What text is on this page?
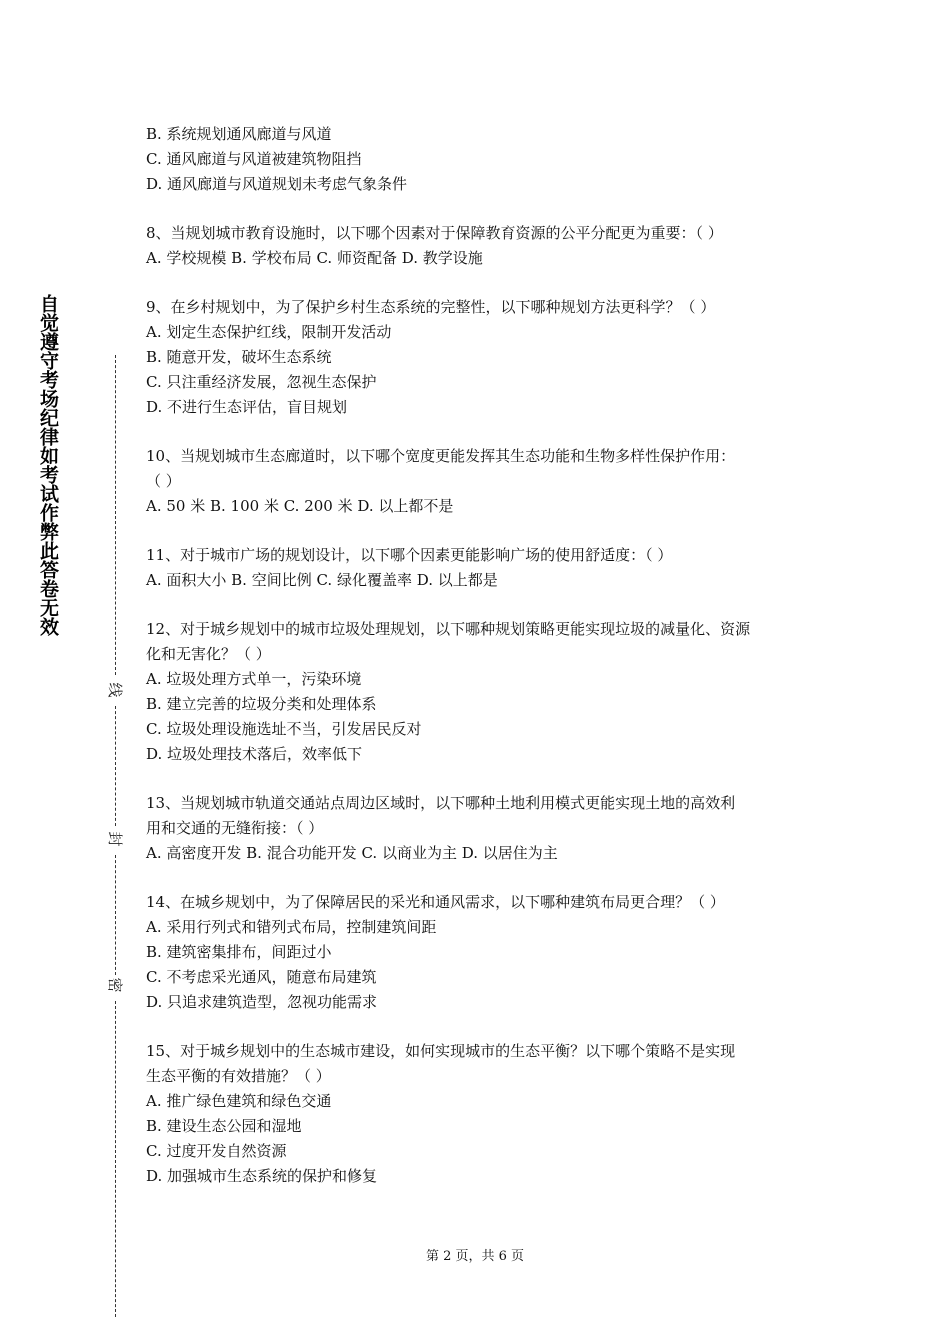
自觉遵守考场纪律如考试作弊此答卷无效
线
封
密
B. 系统规划通风廊道与风道
C. 通风廊道与风道被建筑物阻挡
D. 通风廊道与风道规划未考虑气象条件
8、当规划城市教育设施时，以下哪个因素对于保障教育资源的公平分配更为重要：（ ）
A. 学校规模 B. 学校布局 C. 师资配备 D. 教学设施
9、在乡村规划中，为了保护乡村生态系统的完整性，以下哪种规划方法更科学？（ ）
A. 划定生态保护红线，限制开发活动
B. 随意开发，破坏生态系统
C. 只注重经济发展，忽视生态保护
D. 不进行生态评估，盲目规划
10、当规划城市生态廊道时，以下哪个宽度更能发挥其生态功能和生物多样性保护作用：
（ ）
A. 50 米 B. 100 米 C. 200 米 D. 以上都不是
11、对于城市广场的规划设计，以下哪个因素更能影响广场的使用舒适度：（ ）
A. 面积大小 B. 空间比例 C. 绿化覆盖率 D. 以上都是
12、对于城乡规划中的城市垃圾处理规划，以下哪种规划策略更能实现垃圾的减量化、资源
化和无害化？（ ）
A. 垃圾处理方式单一，污染环境
B. 建立完善的垃圾分类和处理体系
C. 垃圾处理设施选址不当，引发居民反对
D. 垃圾处理技术落后，效率低下
13、当规划城市轨道交通站点周边区域时，以下哪种土地利用模式更能实现土地的高效利
用和交通的无缝衔接：（ ）
A. 高密度开发 B. 混合功能开发 C. 以商业为主 D. 以居住为主
14、在城乡规划中，为了保障居民的采光和通风需求，以下哪种建筑布局更合理？（ ）
A. 采用行列式和错列式布局，控制建筑间距
B. 建筑密集排布，间距过小
C. 不考虑采光通风，随意布局建筑
D. 只追求建筑造型，忽视功能需求
15、对于城乡规划中的生态城市建设，如何实现城市的生态平衡？以下哪个策略不是实现
生态平衡的有效措施？（ ）
A. 推广绿色建筑和绿色交通
B. 建设生态公园和湿地
C. 过度开发自然资源
D. 加强城市生态系统的保护和修复
第 2 页，共 6 页
